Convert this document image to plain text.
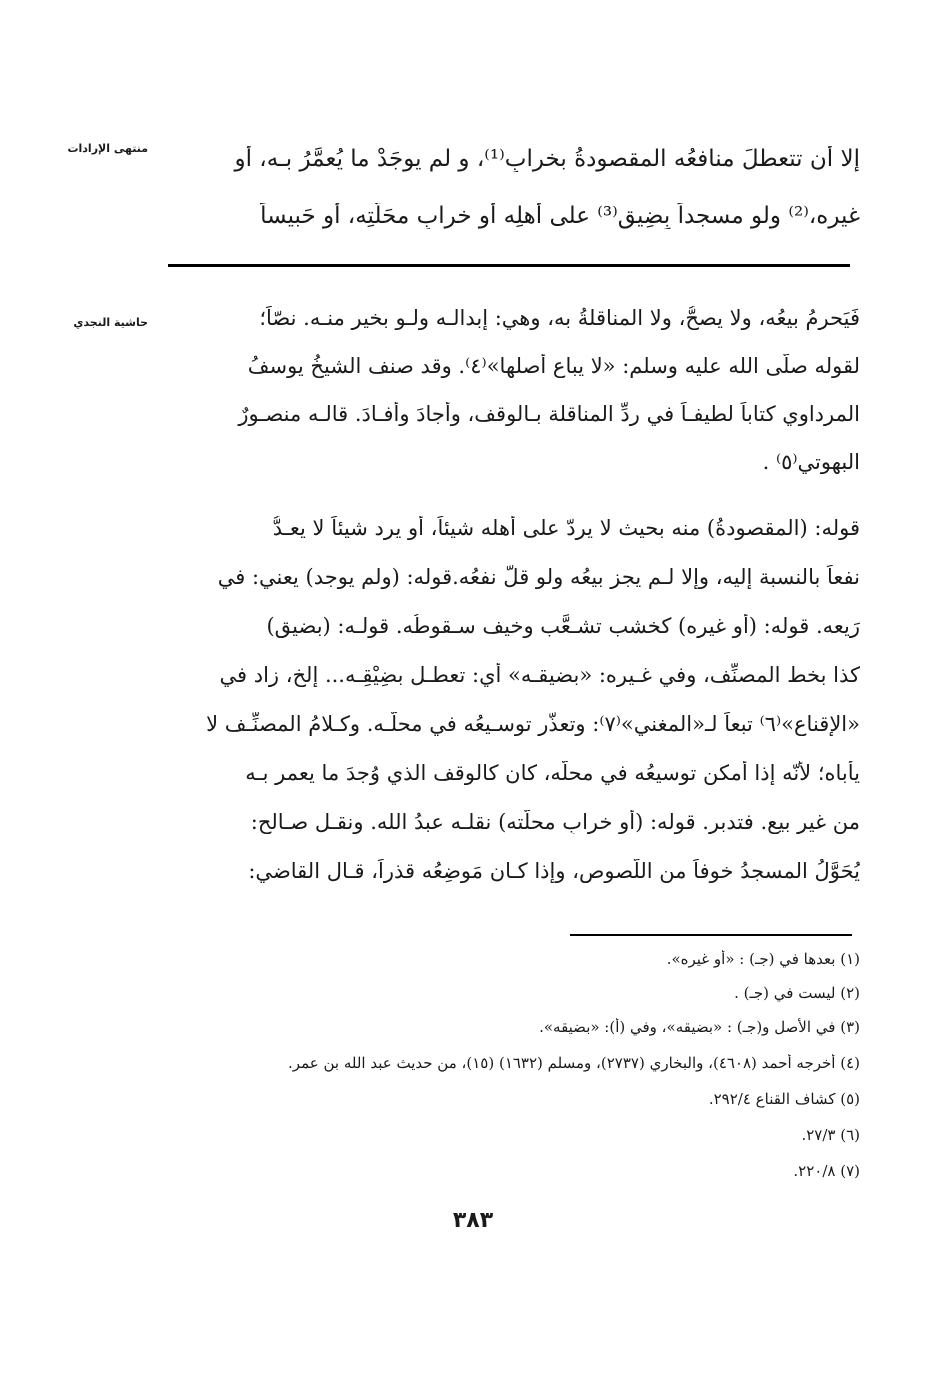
منتهى الإرادات
حاشية النجدي
إلا أن تتعطلَ منافعُه المقصودةُ بخرابٍ⁽¹⁾، و لم يوجَدْ ما يُعمَّرُ بـه، أو
غيرِه،⁽²⁾ ولو مسجداً بِضِيقٍ⁽³⁾ على أهلِه أو خرابِ محَلّتِه، أو حَبيساً
فَيَحرمُ بيعُه، ولا يصحُّ، ولا المناقلةُ به، وهي: إبدالـه ولـو بخير منـه. نصّاً؛
لقوله صلّى الله عليه وسلم: «لا يباع أصلها»⁽٤⁾. وقد صنف الشيخُ يوسفُ
المرداوي كتاباً لطيفـاً في ردِّ المناقلة بـالوقف، وأجادَ وأفـادَ. قالـه منصـورٌ
البهوتي⁽٥⁾ .
قوله: (المقصودةُ) منه بحيث لا يردّ على أهله شيئاً، أو يرد شيئاً لا يعـدُّ
نفعاً بالنسبة إليه، وإلا لـم يجز بيعُه ولو قلَّ نفعُه.قوله: (ولم يوجد) يعني: في
رَيعه. قوله: (أو غيره) كخشب تشـعَّب وخيف سـقوطُه. قولـه: (بضيقٍ)
كذا بخط المصنِّف، وفي غـيره: «بضيقـه» أي: تعطـل بضِيْقِـه... إلخ، زاد في
«الإقناع»⁽٦⁾ تبعاً لـ«المغني»⁽٧⁾: وتعذّر توسـيعُه في محلّـه. وكـلامُ المصنِّـف لا
يأباه؛ لأنّه إذا أمكن توسيعُه في محلّه، كان كالوقف الذي وُجدَ ما يعمر بـه
من غير بيع. فتدبر. قوله: (أو خرابِ محلّته) نقلـه عبدُ الله. ونقـل صـالح:
يُحَوَّلُ المسجدُ خوفاً من اللّصوص، وإذا كـان مَوضِعُه قذراً، قـال القاضي:
(١) بعدها في (جـ) : «أو غيره».
(٢) ليست في (جـ) .
(٣) في الأصل و(جـ) : «بضيقه»، وفي (أ): «بضيقه».
(٤) أخرجه أحمد (٤٦٠٨)، والبخاري (٢٧٣٧)، ومسلم (١٦٣٢) (١٥)، من حديث عبد الله بن عمر.
(٥) كشاف القناع ٢٩٢/٤.
(٦) ٢٧/٣.
(٧) ٢٢٠/٨.
٣٨٣
